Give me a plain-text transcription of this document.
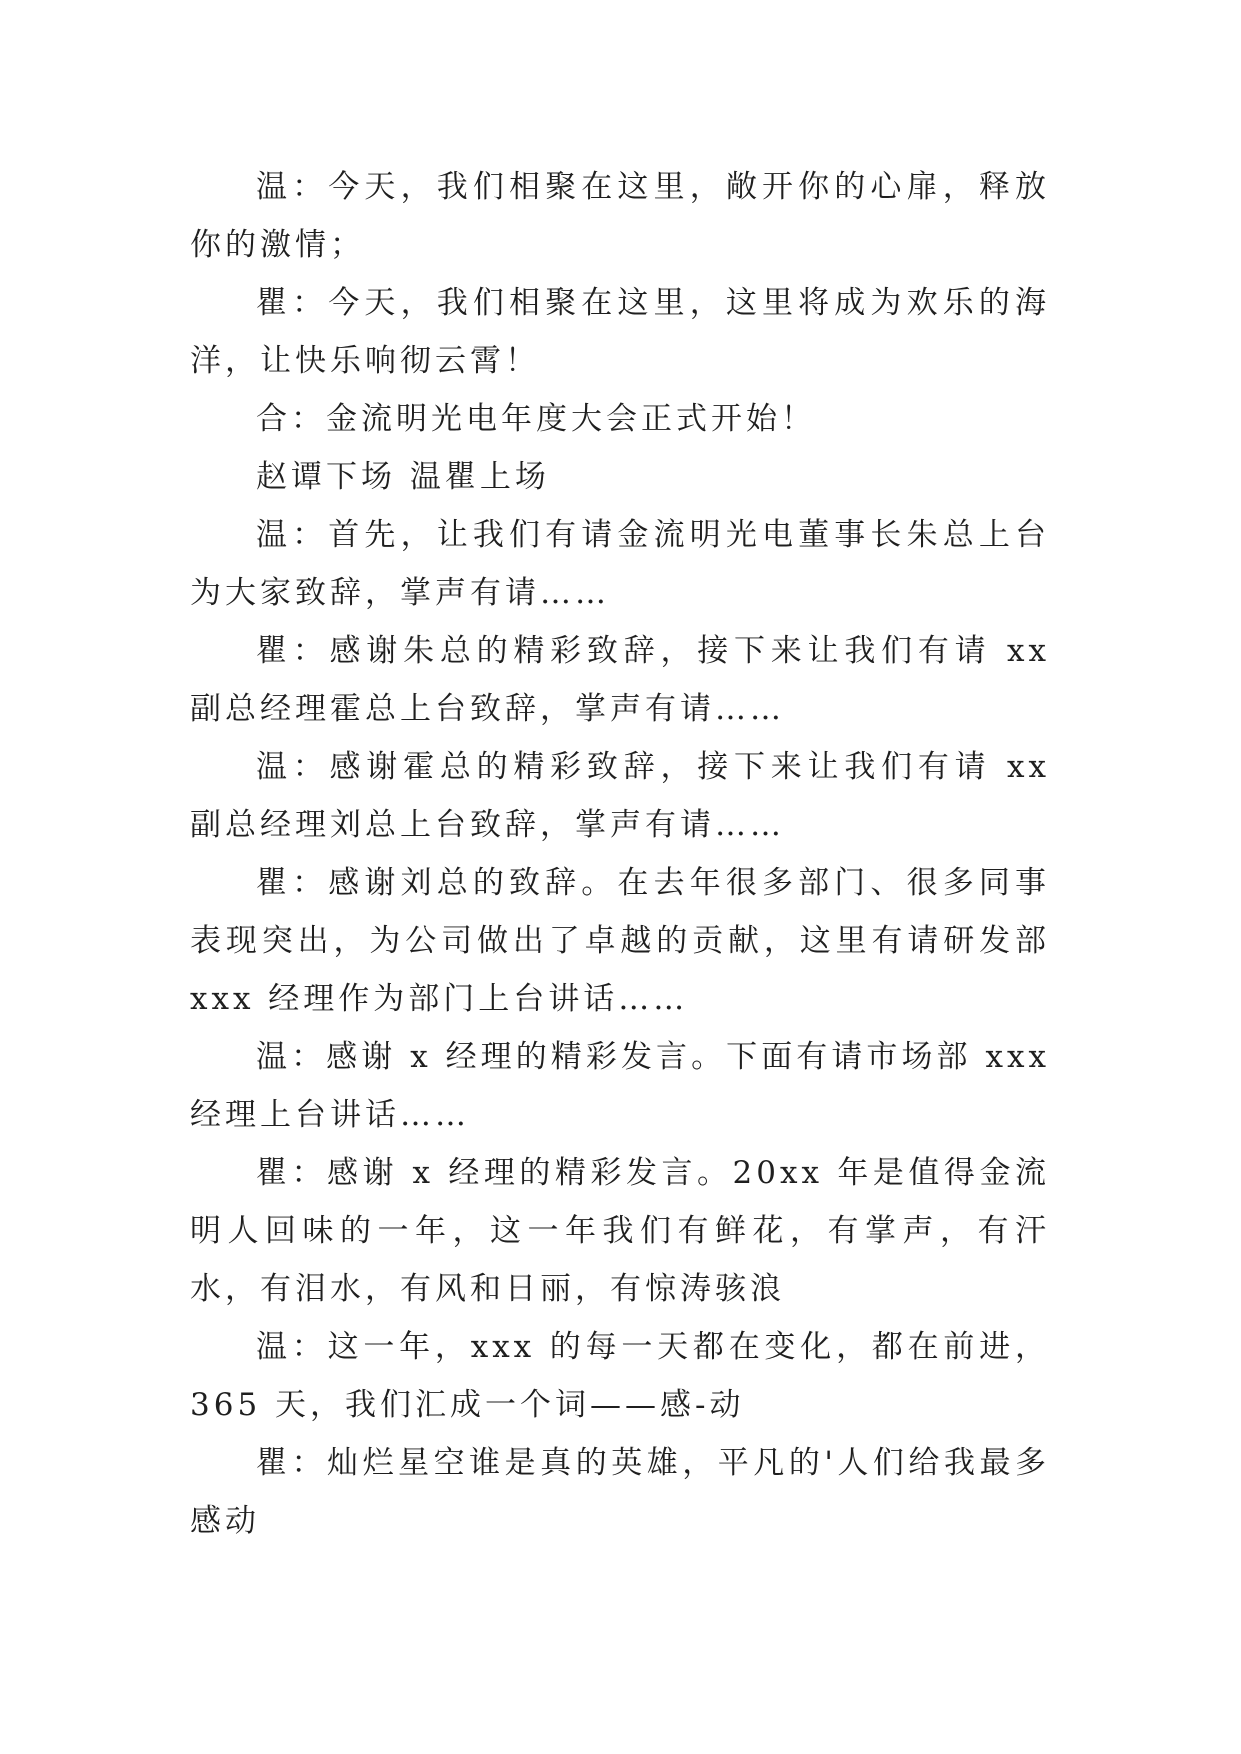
温：今天，我们相聚在这里，敞开你的心扉，释放你的激情；

瞿：今天，我们相聚在这里，这里将成为欢乐的海洋，让快乐响彻云霄！

合：金流明光电年度大会正式开始！

赵谭下场 温瞿上场

温：首先，让我们有请金流明光电董事长朱总上台为大家致辞，掌声有请……

瞿：感谢朱总的精彩致辞，接下来让我们有请 xx 副总经理霍总上台致辞，掌声有请……

温：感谢霍总的精彩致辞，接下来让我们有请 xx 副总经理刘总上台致辞，掌声有请……

瞿：感谢刘总的致辞。在去年很多部门、很多同事表现突出，为公司做出了卓越的贡献，这里有请研发部 xxx 经理作为部门上台讲话……

温：感谢 x 经理的精彩发言。下面有请市场部 xxx 经理上台讲话……

瞿：感谢 x 经理的精彩发言。20xx 年是值得金流明人回味的一年，这一年我们有鲜花，有掌声，有汗水，有泪水，有风和日丽，有惊涛骇浪

温：这一年，xxx 的每一天都在变化，都在前进，365 天，我们汇成一个词——感-动

瞿：灿烂星空谁是真的英雄，平凡的'人们给我最多感动
